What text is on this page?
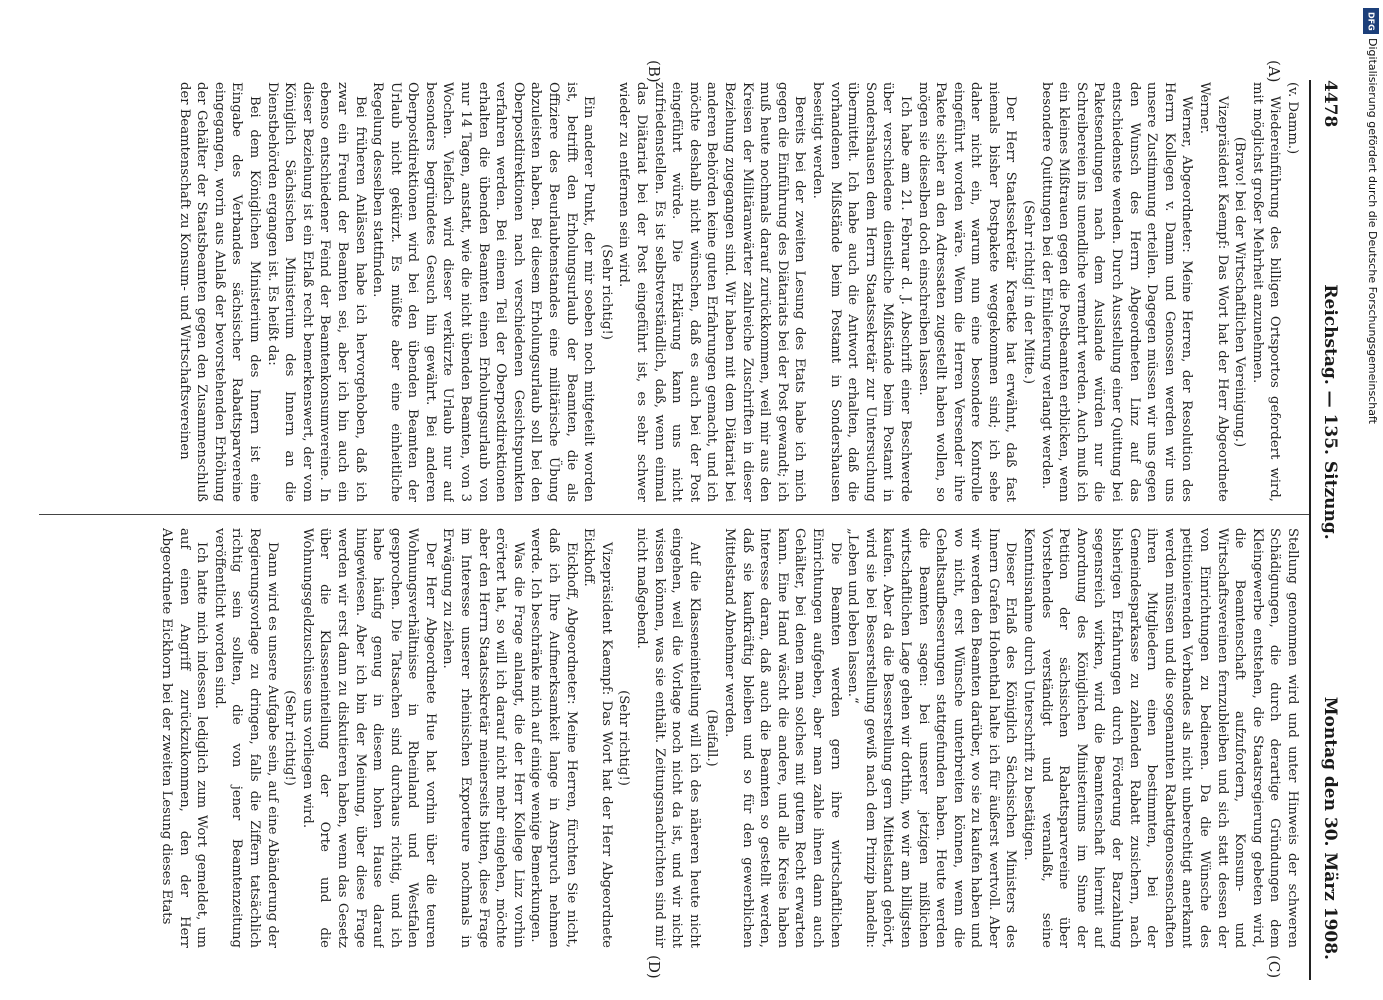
4478
Reichstag. — 135. Sitzung.
Montag den 30. März 1908.
(A)
(B)
(C)
(D)

(v. Damm.)

Wiedereinführung des billigen Ortsportos gefordert wird, mit möglichst großer Mehrheit anzunehmen.

(Bravo! bei der Wirtschaftlichen Vereinigung.)

Vizepräsident Kaempf: Das Wort hat der Herr Abgeordnete Werner.

Werner, Abgeordneter: Meine Herren, der Resolution des Herrn Kollegen v. Damm und Genossen werden wir uns unsere Zustimmung erteilen. Dagegen müssen wir uns gegen den Wunsch des Herrn Abgeordneten Linz auf das entschiedenste wenden. Durch Ausstellung einer Quittung bei Paketsendungen nach dem Auslande würden nur die Schreibereien ins unendliche vermehrt werden. Auch muß ich ein kleines Mißtrauen gegen die Postbeamten erblicken, wenn besondere Quittungen bei der Einlieferung verlangt werden.

(Sehr richtig! in der Mitte.)

Der Herr Staatssekretär Kraetke hat erwähnt, daß fast niemals bisher Postpakete weggekommen sind; ich sehe daher nicht ein, warum nun eine besondere Kontrolle eingeführt worden wäre. Wenn die Herren Versender ihre Pakete sicher an den Adressaten zugestellt haben wollen, so mögen sie dieselben doch einschreiben lassen.

Ich habe am 21. Februar d. J. Abschrift einer Beschwerde über verschiedene dienstliche Mißstände beim Postamt in Sondershausen dem Herrn Staatssekretär zur Untersuchung übermittelt. Ich habe auch die Antwort erhalten, daß die vorhandenen Mißstände beim Postamt in Sondershausen beseitigt werden.

Bereits bei der zweiten Lesung des Etats habe ich mich gegen die Einführung des Diätariats bei der Post gewandt; ich muß heute nochmals darauf zurückkommen, weil mir aus den Kreisen der Militäranwärter zahlreiche Zuschriften in dieser Beziehung zugegangen sind. Wir haben mit dem Diätariat bei anderen Behörden keine guten Erfahrungen gemacht, und ich möchte deshalb nicht wünschen, daß es auch bei der Post eingeführt würde. Die Erklärung kann uns nicht zufriedenstellen. Es ist selbstverständlich, daß, wenn einmal das Diätariat bei der Post eingeführt ist, es sehr schwer wieder zu entfernen sein wird.

(Sehr richtig!)

Ein anderer Punkt, der mir soeben noch mitgeteilt worden ist, betrifft den Erholungsurlaub der Beamten, die als Offiziere des Beurlaubtenstandes eine militärische Übung abzuleisten haben. Bei diesem Erholungsurlaub soll bei den Oberpostdirektionen nach verschiedenen Gesichtspunkten verfahren werden. Bei einem Teil der Oberpostdirektionen erhalten die übenden Beamten einen Erholungsurlaub von nur 14 Tagen, anstatt, wie die nicht übenden Beamten, von 3 Wochen. Vielfach wird dieser verkürzte Urlaub nur auf besonders begründetes Gesuch hin gewährt. Bei anderen Oberpostdirektionen wird bei den übenden Beamten der Urlaub nicht gekürzt. Es müßte aber eine einheitliche Regelung desselben stattfinden.

Bei früheren Anlässen habe ich hervorgehoben, daß ich zwar ein Freund der Beamten sei, aber ich bin auch ein ebenso entschiedener Feind der Beamtenkonsumvereine. In dieser Beziehung ist ein Erlaß recht bemerkenswert, der vom Königlich Sächsischen Ministerium des Innern an die Dienstbehörden ergangen ist. Es heißt da:

Bei dem Königlichen Ministerium des Innern ist eine Eingabe des Verbandes sächsischer Rabattsparvereine eingegangen, worin aus Anlaß der bevorstehenden Erhöhung der Gehälter der Staatsbeamten gegen den Zusammenschluß der Beamtenschaft zu Konsum- und Wirtschaftsvereinen

Stellung genommen wird und unter Hinweis der schweren Schädigungen, die durch derartige Gründungen dem Kleingewerbe entstehen, die Staatsregierung gebeten wird, die Beamtenschaft aufzufordern, Konsum- und Wirtschaftsvereinen fernzubleiben und sich statt dessen der von Einrichtungen zu bedienen. Da die Wünsche des petitionierenden Verbandes als nicht unberechtigt anerkannt werden müssen und die sogenannten Rabattgenossenschaften ihren Mitgliedern einen bestimmten, bei der Gemeindesparkasse zu zahlenden Rabatt zusichern, nach bisherigen Erfahrungen durch Förderung der Barzahlung segensreich wirken, wird die Beamtenschaft hiermit auf Anordnung des Königlichen Ministeriums im Sinne der Petition der sächsischen Rabattsparvereine über Vorstehendes verständigt und veranlaßt, seine Kenntnisnahme durch Unterschrift zu bestätigen.

Dieser Erlaß des Königlich Sächsischen Ministers des Innern Grafen Hohenthal halte ich für äußerst wertvoll. Aber wir werden den Beamten darüber, wo sie zu kaufen haben und wo nicht, erst Wünsche unterbreiten können, wenn die Gehaltsaufbesserungen stattgefunden haben. Heute werden die Beamten sagen: bei unserer jetzigen mißlichen wirtschaftlichen Lage gehen wir dorthin, wo wir am billigsten kaufen. Aber da die Besserstellung gern Mittelstand gehört, wird sie bei Besserstellung gewiß nach dem Prinzip handeln: „Leben und leben lassen.“

Die Beamten werden gern ihre wirtschaftlichen Einrichtungen aufgeben, aber man zahle ihnen dann auch Gehälter, bei denen man solches mit gutem Recht erwarten kann. Eine Hand wäscht die andere, und alle Kreise haben Interesse daran, daß auch die Beamten so gestellt werden, daß sie kaufkräftig bleiben und so für den gewerblichen Mittelstand Abnehmer werden.

(Beifall.)

Auf die Klasseneinteilung will ich des näheren heute nicht eingehen, weil die Vorlage noch nicht da ist, und wir nicht wissen können, was sie enthält. Zeitungsnachrichten sind mir nicht maßgebend.

(Sehr richtig!)

Vizepräsident Kaempf: Das Wort hat der Herr Abgeordnete Eickhoff.

Eickhoff, Abgeordneter: Meine Herren, fürchten Sie nicht, daß ich Ihre Aufmerksamkeit lange in Anspruch nehmen werde. Ich beschränke mich auf einige wenige Bemerkungen.

Was die Frage anlangt, die der Herr Kollege Linz vorhin erörtert hat, so will ich darauf nicht mehr eingehen, möchte aber den Herrn Staatssekretär meinerseits bitten, diese Frage im Interesse unserer rheinischen Exporteure nochmals in Erwägung zu ziehen.

Der Herr Abgeordnete Hue hat vorhin über die teuren Wohnungsverhältnisse in Rheinland und Westfalen gesprochen. Die Tatsachen sind durchaus richtig, und ich habe häufig genug in diesem hohen Hause darauf hingewiesen. Aber ich bin der Meinung, über diese Frage werden wir erst dann zu diskutieren haben, wenn das Gesetz über die Klasseneinteilung der Orte und die Wohnungsgeldzuschüsse uns vorliegen wird.

(Sehr richtig!)

Dann wird es unsere Aufgabe sein, auf eine Abänderung der Regierungsvorlage zu dringen, falls die Ziffern tatsächlich richtig sein sollten, die von jener Beamtenzeitung veröffentlicht worden sind.

Ich hatte mich indessen lediglich zum Wort gemeldet, um auf einen Angriff zurückzukommen, den der Herr Abgeordnete Eickhorn bei der zweiten Lesung dieses Etats

DFG
Digitalisierung gefördert durch die Deutsche Forschungsgemeinschaft
